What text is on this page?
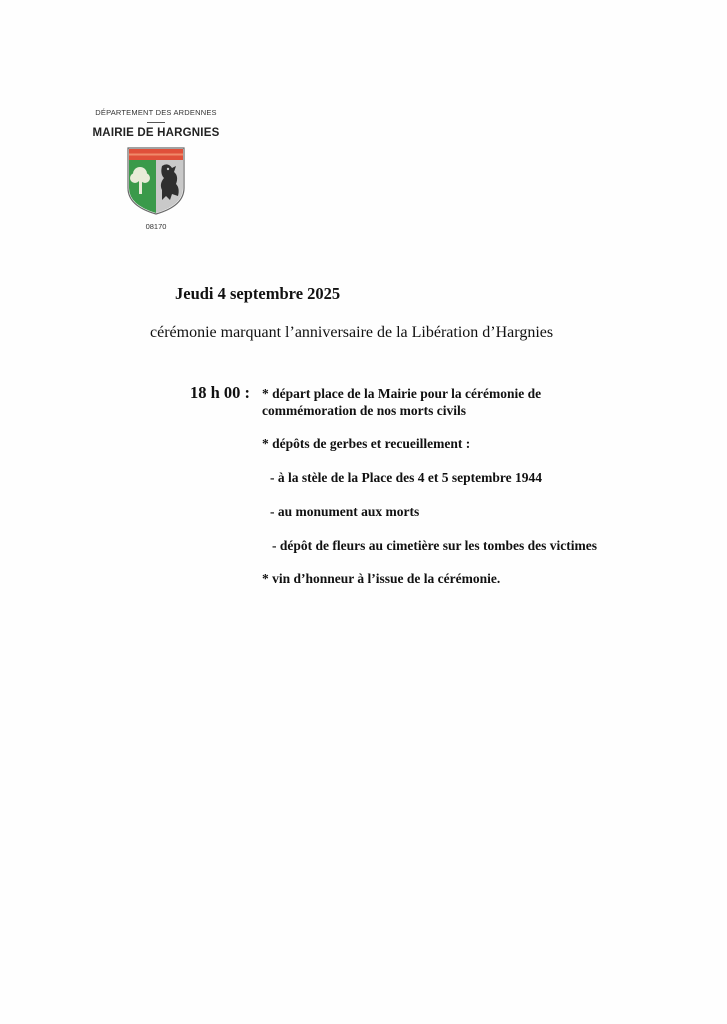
DÉPARTEMENT DES ARDENNES
MAIRIE DE HARGNIES
08170
Jeudi 4 septembre 2025
cérémonie marquant l’anniversaire de la Libération d’Hargnies
18 h 00 : * départ place de la Mairie pour la cérémonie de
commémoration de nos morts civils
* dépôts de gerbes et recueillement :
- à la stèle de la Place des 4 et 5 septembre 1944
- au monument aux morts
- dépôt de fleurs au cimetière sur les tombes des victimes
* vin d’honneur à l’issue de la cérémonie.
